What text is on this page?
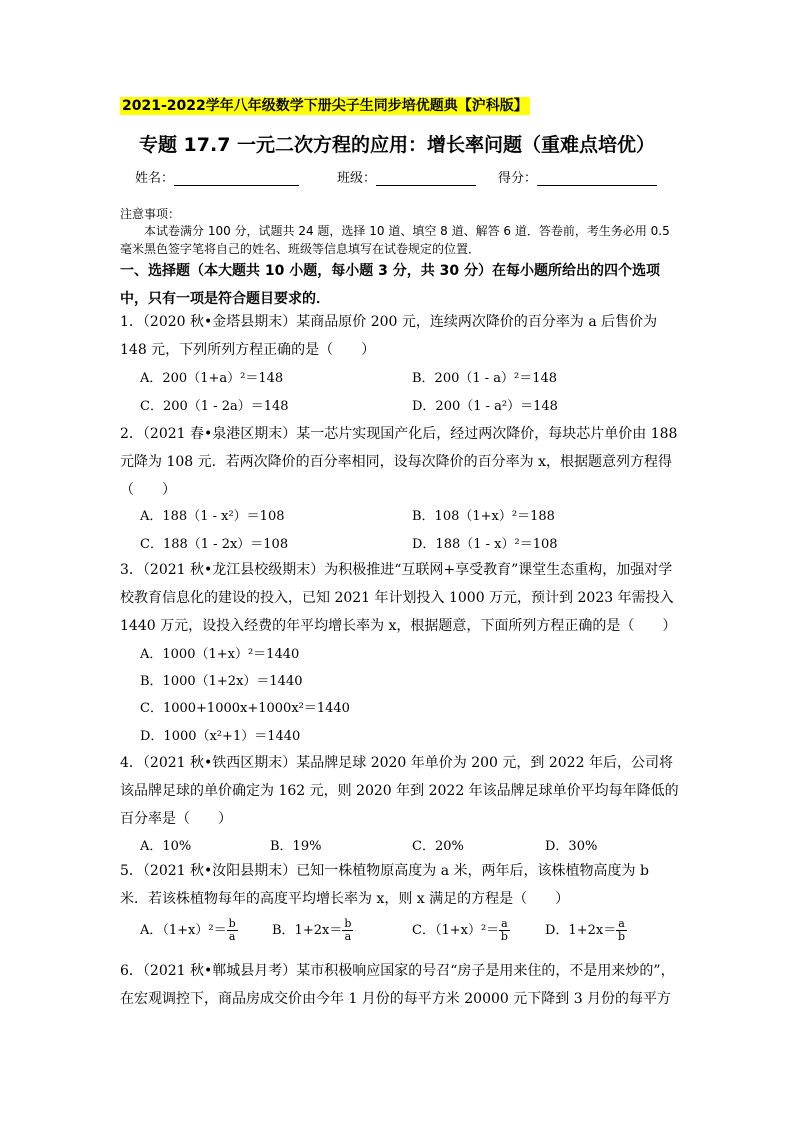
2021-2022学年八年级数学下册尖子生同步培优题典【沪科版】
专题 17.7 一元二次方程的应用：增长率问题（重难点培优）
姓名：	班级：	得分：
注意事项：
本试卷满分 100 分，试题共 24 题，选择 10 道、填空 8 道、解答 6 道．答卷前，考生务必用 0.5 毫米黑色签字笔将自己的姓名、班级等信息填写在试卷规定的位置．
一、选择题（本大题共 10 小题，每小题 3 分，共 30 分）在每小题所给出的四个选项中，只有一项是符合题目要求的．
1．（2020 秋•金塔县期末）某商品原价 200 元，连续两次降价的百分率为 a 后售价为 148 元，下列所列方程正确的是（　　）
A．200（1+a）²＝148	B．200（1 - a）²＝148
C．200（1 - 2a）＝148	D．200（1 - a²）＝148
2．（2021 春•泉港区期末）某一芯片实现国产化后，经过两次降价，每块芯片单价由 188 元降为 108 元．若两次降价的百分率相同，设每次降价的百分率为 x，根据题意列方程得（　　）
A．188（1 - x²）＝108	B．108（1+x）²＝188
C．188（1 - 2x）＝108	D．188（1 - x）²＝108
3．（2021 秋•龙江县校级期末）为积极推进“互联网+享受教育”课堂生态重构，加强对学校教育信息化的建设的投入，已知 2021 年计划投入 1000 万元，预计到 2023 年需投入 1440 万元，设投入经费的年平均增长率为 x，根据题意，下面所列方程正确的是（　　）
A．1000（1+x）²＝1440
B．1000（1+2x）＝1440
C．1000+1000x+1000x²＝1440
D．1000（x²+1）＝1440
4．（2021 秋•铁西区期末）某品牌足球 2020 年单价为 200 元，到 2022 年后，公司将该品牌足球的单价确定为 162 元，则 2020 年到 2022 年该品牌足球单价平均每年降低的百分率是（　　）
A．10%	B．19%	C．20%	D．30%
5．（2021 秋•汝阳县期末）已知一株植物原高度为 a 米，两年后，该株植物高度为 b 米．若该株植物每年的高度平均增长率为 x，则 x 满足的方程是（　　）
A．$(1+x)^2= \frac{b}{a}$	B．$1+2x= \frac{b}{a}$	C．$(1+x)^2= \frac{a}{b}$	D．$1+2x= \frac{a}{b}$
6．（2021 秋•郸城县月考）某市积极响应国家的号召“房子是用来住的，不是用来炒的”，在宏观调控下，商品房成交价由今年 1 月份的每平方米 20000 元下降到 3 月份的每平方
